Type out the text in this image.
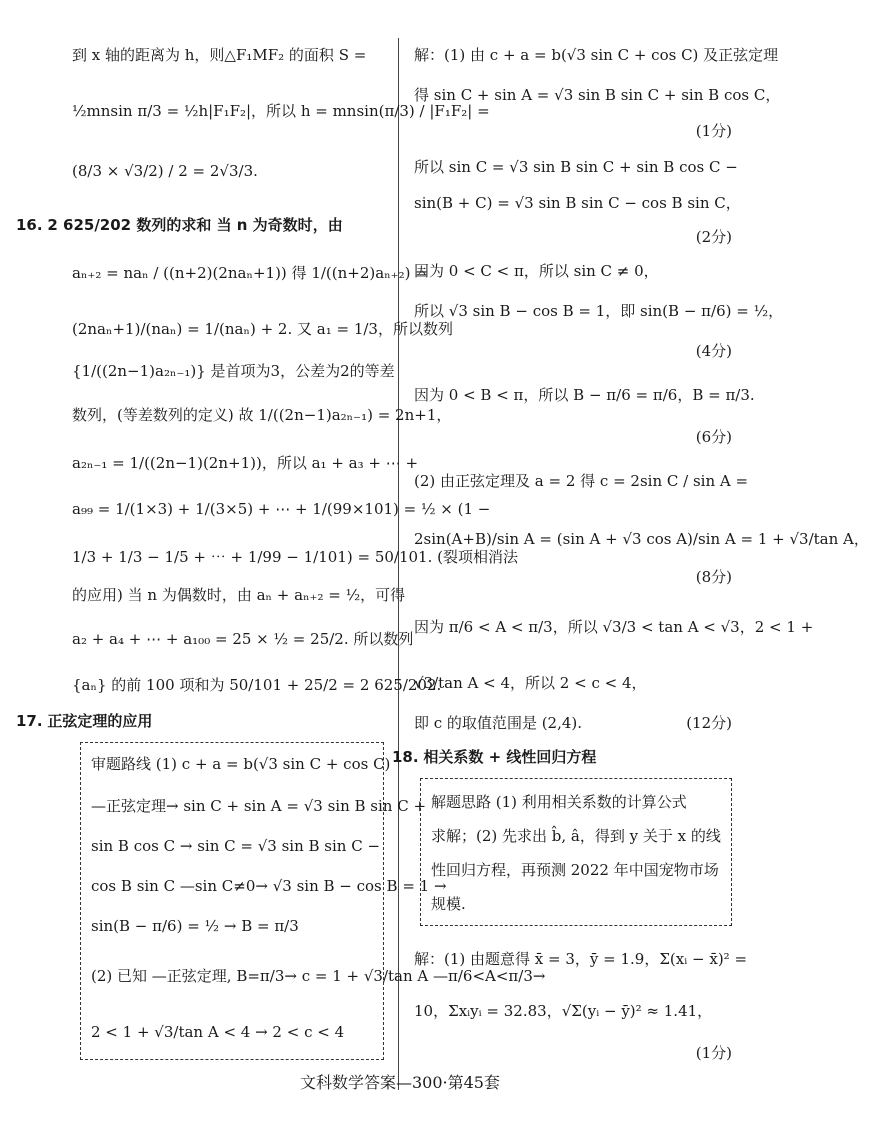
到 x 轴的距离为 h，则△F₁MF₂ 的面积 S =
½mnsin π/3 = ½h|F₁F₂|，所以 h = mnsin(π/3) / |F₁F₂| =
(8/3 × √3/2) / 2 = 2√3/3.
16. 2 625/202 数列的求和 当 n 为奇数时，由
aₙ₊₂ = naₙ / ((n+2)(2naₙ+1)) 得 1/((n+2)aₙ₊₂) =
(2naₙ+1)/(naₙ) = 1/(naₙ) + 2. 又 a₁ = 1/3，所以数列
{1/((2n−1)a₂ₙ₋₁)} 是首项为3，公差为2的等差
数列，(等差数列的定义) 故 1/((2n−1)a₂ₙ₋₁) = 2n+1，
a₂ₙ₋₁ = 1/((2n−1)(2n+1))，所以 a₁ + a₃ + ⋯ +
a₉₉ = 1/(1×3) + 1/(3×5) + ⋯ + 1/(99×101) = ½ × (1 −
1/3 + 1/3 − 1/5 + ⋯ + 1/99 − 1/101) = 50/101. (裂项相消法
的应用) 当 n 为偶数时，由 aₙ + aₙ₊₂ = ½，可得
a₂ + a₄ + ⋯ + a₁₀₀ = 25 × ½ = 25/2. 所以数列
{aₙ} 的前 100 项和为 50/101 + 25/2 = 2 625/202.
17. 正弦定理的应用
审题路线 (1) c + a = b(√3 sin C + cos C)
—正弦定理→ sin C + sin A = √3 sin B sin C +
sin B cos C → sin C = √3 sin B sin C −
cos B sin C —sin C≠0→ √3 sin B − cos B = 1 →
sin(B − π/6) = ½ → B = π/3
(2) 已知 —正弦定理, B=π/3→ c = 1 + √3/tan A —π/6<A<π/3→
2 < 1 + √3/tan A < 4 → 2 < c < 4
解：(1) 由 c + a = b(√3 sin C + cos C) 及正弦定理
得 sin C + sin A = √3 sin B sin C + sin B cos C，
(1分)
所以 sin C = √3 sin B sin C + sin B cos C −
sin(B + C) = √3 sin B sin C − cos B sin C，
(2分)
因为 0 < C < π，所以 sin C ≠ 0，
所以 √3 sin B − cos B = 1，即 sin(B − π/6) = ½，
(4分)
因为 0 < B < π，所以 B − π/6 = π/6，B = π/3.
(6分)
(2) 由正弦定理及 a = 2 得 c = 2sin C / sin A =
2sin(A+B)/sin A = (sin A + √3 cos A)/sin A = 1 + √3/tan A，
(8分)
因为 π/6 < A < π/3，所以 √3/3 < tan A < √3，2 < 1 +
√3/tan A < 4，所以 2 < c < 4，
即 c 的取值范围是 (2,4).	(12分)
18. 相关系数 + 线性回归方程
解：(1) 由题意得 x̄ = 3，ȳ = 1.9，Σ(xᵢ − x̄)² =
10，Σxᵢyᵢ = 32.83，√Σ(yᵢ − ȳ)² ≈ 1.41，
(1分)
解题思路 (1) 利用相关系数的计算公式
求解；(2) 先求出 b̂, â，得到 y 关于 x 的线
性回归方程，再预测 2022 年中国宠物市场
规模.
文科数学答案—300·第45套
